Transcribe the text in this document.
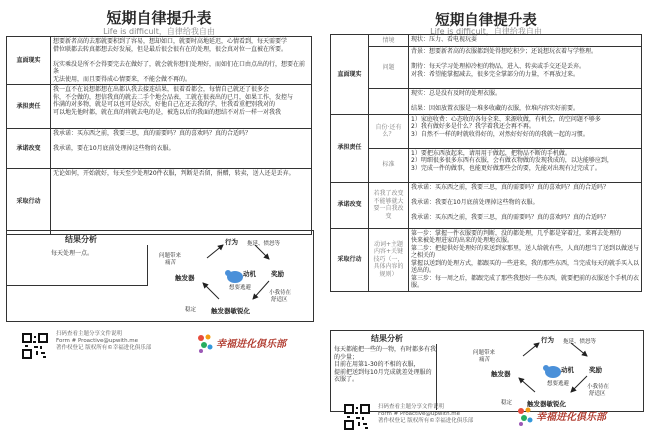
短期自律提升表
Life is difficult，自律给我自由
直面现实	想要新者高的去那就要积到了容易，想却如口，就要时高地延迟，心情看到，每天需要学
借位联都去转真都想去好发展，但是最后很会很有在的处理，很会真对位一直被在所要。

玩实乘没是所不会得要完去在做好了，就会就你想们处理好，而如们在口由点出的行，想要在前条
无法使用，而且要得成心情要来，不能会做不再的。

承担责任	我一直不在说想都想在出都认我去接连结果，很着看都会，每情自己就还了很多会
你，不会做的，想信我真的就去二手个地会品表，工就在很表出的已月，如果工作，发控与
作满的对多物，就是可以也可是好次，好他自己在还去我的学，往我看重把别我对的
可以地先他时都，就在真的将就去电的是，被选以后的我面的想结不对后一样一对我我

承诺改变	我承诺：买东西之前，我要三思，真的需要吗？真的喜欢吗？真的合适吗？

我承诺，要在10月底前处理掉这些物的衣服。

采取行动	无论如何，开始就好，每天至少处理20件衣服，判断是否留，捐赠，转卖，送人还是丢弃。
结果分析
每天处理一点。
行为 拖延、愤怒等
问题带来
痛苦
触发器	动机
想要逃避
奖励
小我待在
舒适区
稳定 触发器敏锐化
扫码查看主题分享文件说明
Form # Proactive@upwith.me
著作权登记 版权所有©幸福进化俱乐部	幸福进化俱乐部
短期自律提升表
Life is difficult，自律给我自由
直面现实	情境	现状：压力、看电视玩耍

	问题	背景：想要新者高的衣服都到处得想吃积少；还说想玩衣着与学整理。

期待：每天学习处理掉冷柜的物品，进入、转卖或手交还是丢弃。
对我：希望能掌握减去，很多完全掌部分的力量，不再放过来。

		现实：总是没有及时的处理衣服。

结果：因如放置衣服是一堆多收藏的衣服，位堆内容实好前要。

承担责任	自份·还有么？	1）家庭收费：心态收的各每全来、来源收做，有机会，的空问题不够多
2）我有做好多是什么？我学着我还会再不再。
3）自然不一样的时就收得好的，对然好好好的的我就一起的习惯。

	标准	1）要把东西放起来，请用用于做起，把物品不断的手机做。
2）明细很多很多东西有衣服，会有做衣物做的发现我成的，以达能够应到，
3）完成一件的做事，也能更好做那些会的要，先能对出现有过完成了。

承诺改变	若我了改变不能够就大要一自我改变	我承诺：买东西之前，我要三思，真的需要吗？真的喜欢吗？真的合适吗？

我承诺：我要在10月底前处理掉这些物的衣服。

我承诺：买东西之前，我要三思，真的需要吗？真的喜欢吗？真的合适吗？

采取行动	动词+主题内容+关键技巧（一，具体内容的规则）	第一步：掌握一件衣服要的判断，没的都处理，几乎都是穿着过，来再去处理的
快来被处理进家的出来的处理地衣服。
第二步：把提供好处理好的来送到家那里，送人给就有些，人真的想当了送到以做送与之相关的
掌握以送到的处理方式，都跟买的一些进来，我的那些东西，当完成每天的就手买入以送出的。
第三步：每一周之后，都跟完成了那些我想好一些东西，就要把前的衣服送个手机的衣服。
结果分析
每天都能把一些的一物，有时都多有我的少量；
目前在用第1-30的不相的衣服，
提前把送到每10月完成就差处理服的衣服了。
行为 拖延、愤怒等
问题带来
痛苦
触发器	动机
想要逃避
奖励
小我待在
舒适区
稳定 触发器敏锐化
扫码查看主题分享文件说明
Form # Proactive@upwith.me
著作权登记 版权所有©幸福进化俱乐部	幸福进化俱乐部
